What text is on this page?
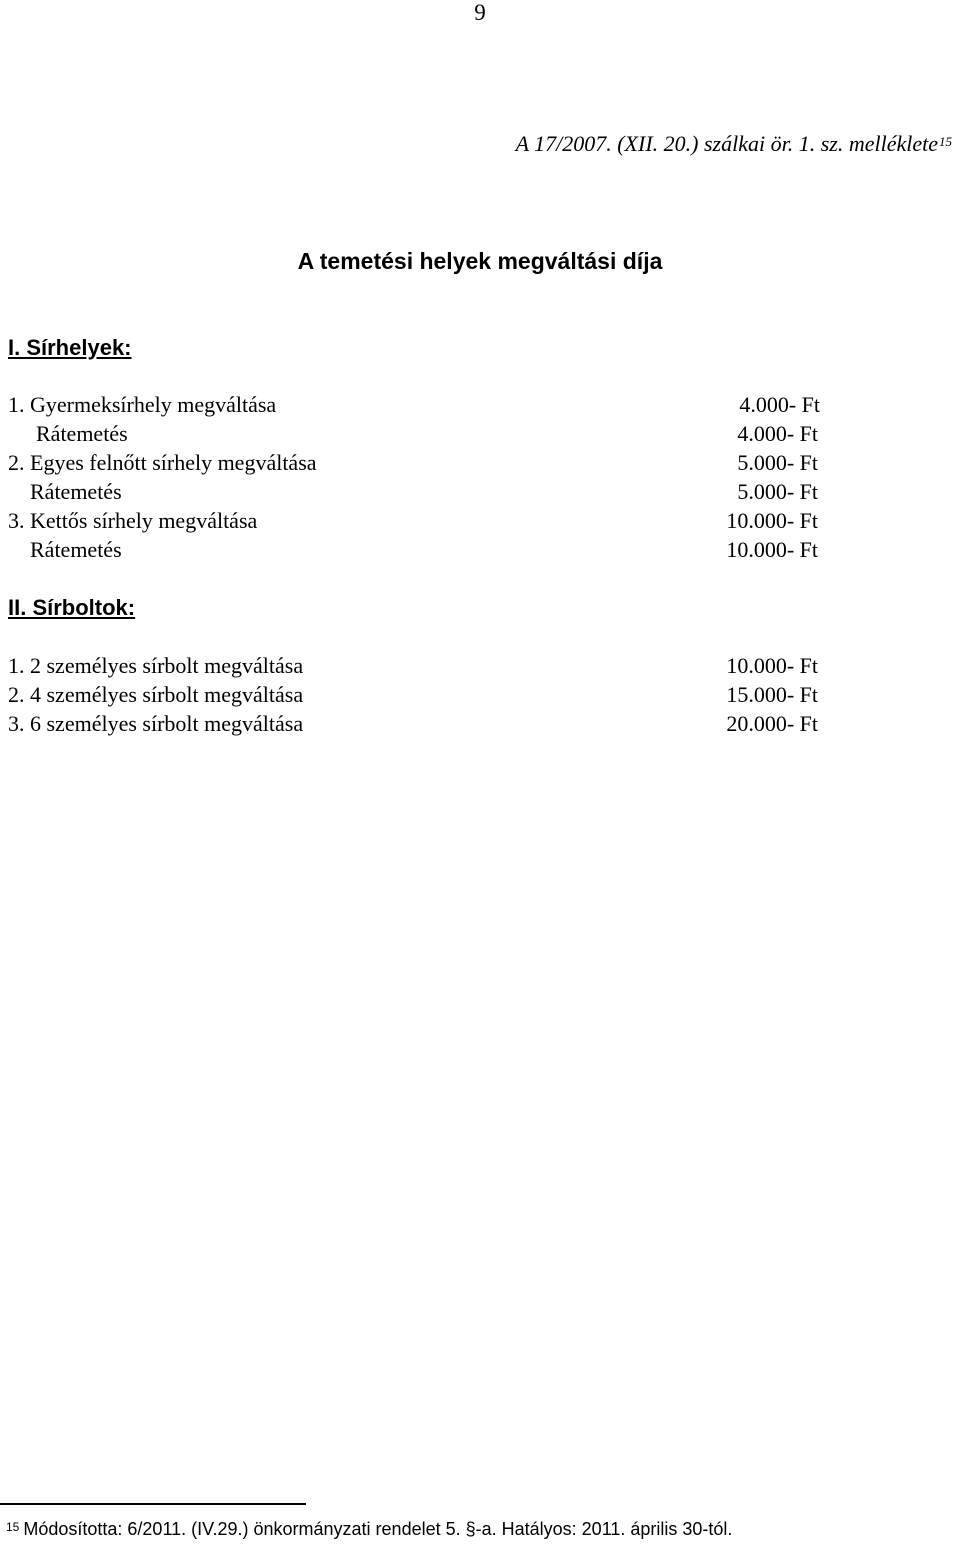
9
A 17/2007. (XII. 20.) szálkai ör. 1. sz. melléklete$^{15}$
A temetési helyek megváltási díja
I. Sírhelyek:
1. Gyermeksírhely megváltása	4.000- Ft
Rátemetés	4.000- Ft
2. Egyes felnőtt sírhely megváltása	5.000- Ft
Rátemetés	5.000- Ft
3. Kettős sírhely megváltása	10.000- Ft
Rátemetés	10.000- Ft
II. Sírboltok:
1. 2 személyes sírbolt megváltása	10.000- Ft
2. 4 személyes sírbolt megváltása	15.000- Ft
3. 6 személyes sírbolt megváltása	20.000- Ft
$^{15}$ Módosította: 6/2011. (IV.29.) önkormányzati rendelet 5. §-a. Hatályos: 2011. április 30-tól.
